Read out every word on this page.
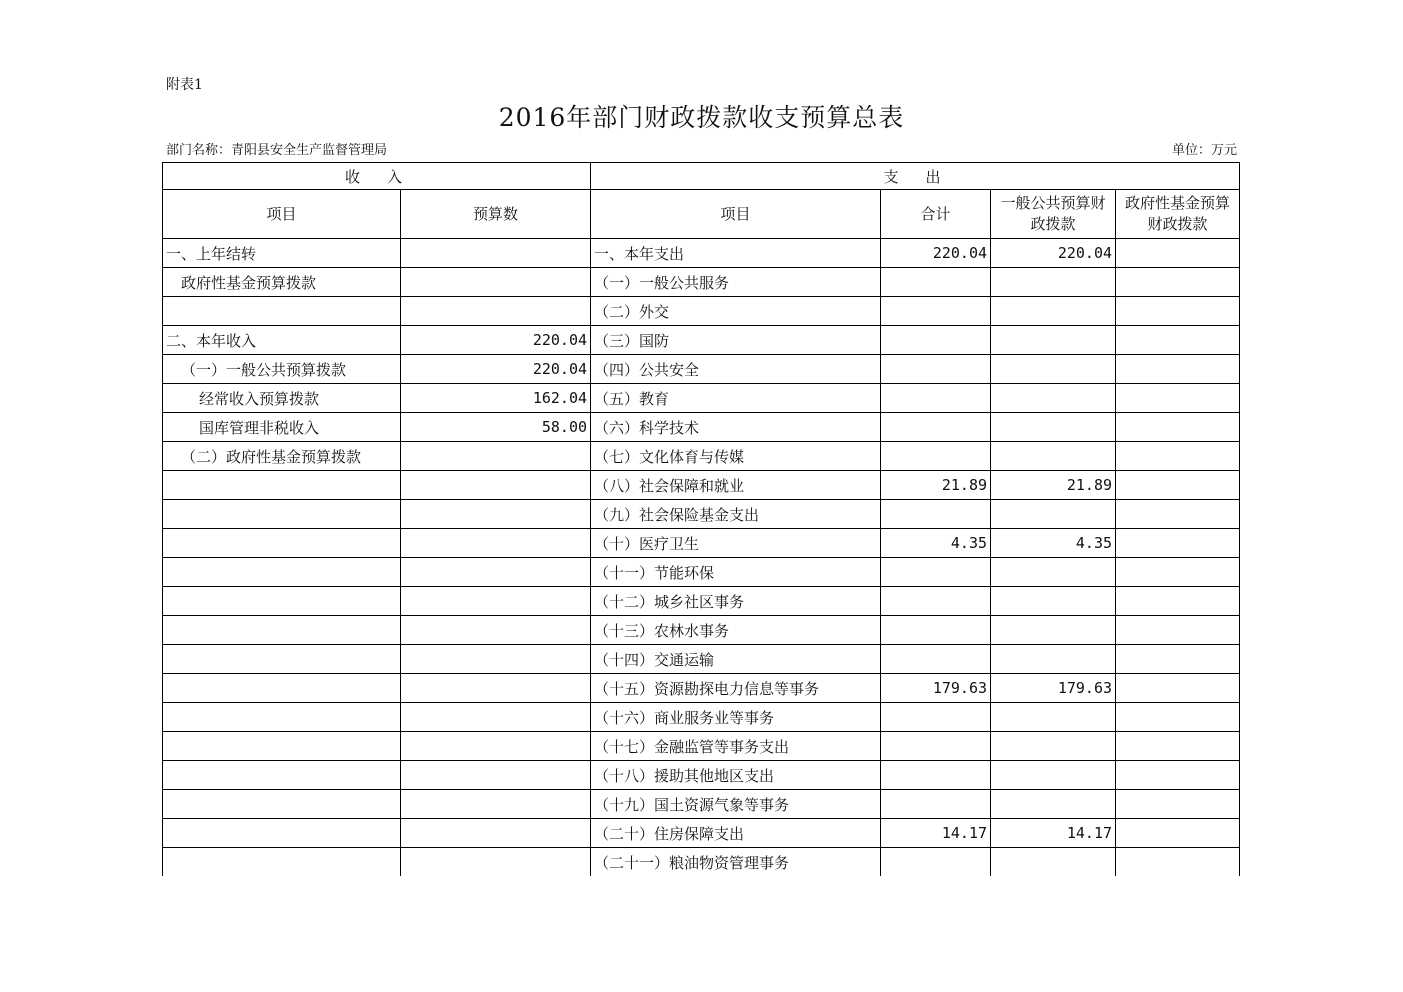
附表1
2016年部门财政拨款收支预算总表
部门名称：青阳县安全生产监督管理局	单位：万元
收　入		支　出			
项目	预算数	项目	合计	一般公共预算财政拨款	政府性基金预算财政拨款
一、上年结转		一、本年支出	220.04	220.04	
政府性基金预算拨款		（一）一般公共服务			
		（二）外交			
二、本年收入	220.04	（三）国防			
（一）一般公共预算拨款	220.04	（四）公共安全			
经常收入预算拨款	162.04	（五）教育			
国库管理非税收入	58.00	（六）科学技术			
（二）政府性基金预算拨款		（七）文化体育与传媒			
		（八）社会保障和就业	21.89	21.89	
		（九）社会保险基金支出			
		（十）医疗卫生	4.35	4.35	
		（十一）节能环保			
		（十二）城乡社区事务			
		（十三）农林水事务			
		（十四）交通运输			
		（十五）资源勘探电力信息等事务	179.63	179.63	
		（十六）商业服务业等事务			
		（十七）金融监管等事务支出			
		（十八）援助其他地区支出			
		（十九）国土资源气象等事务			
		（二十）住房保障支出	14.17	14.17	
		（二十一）粮油物资管理事务			
